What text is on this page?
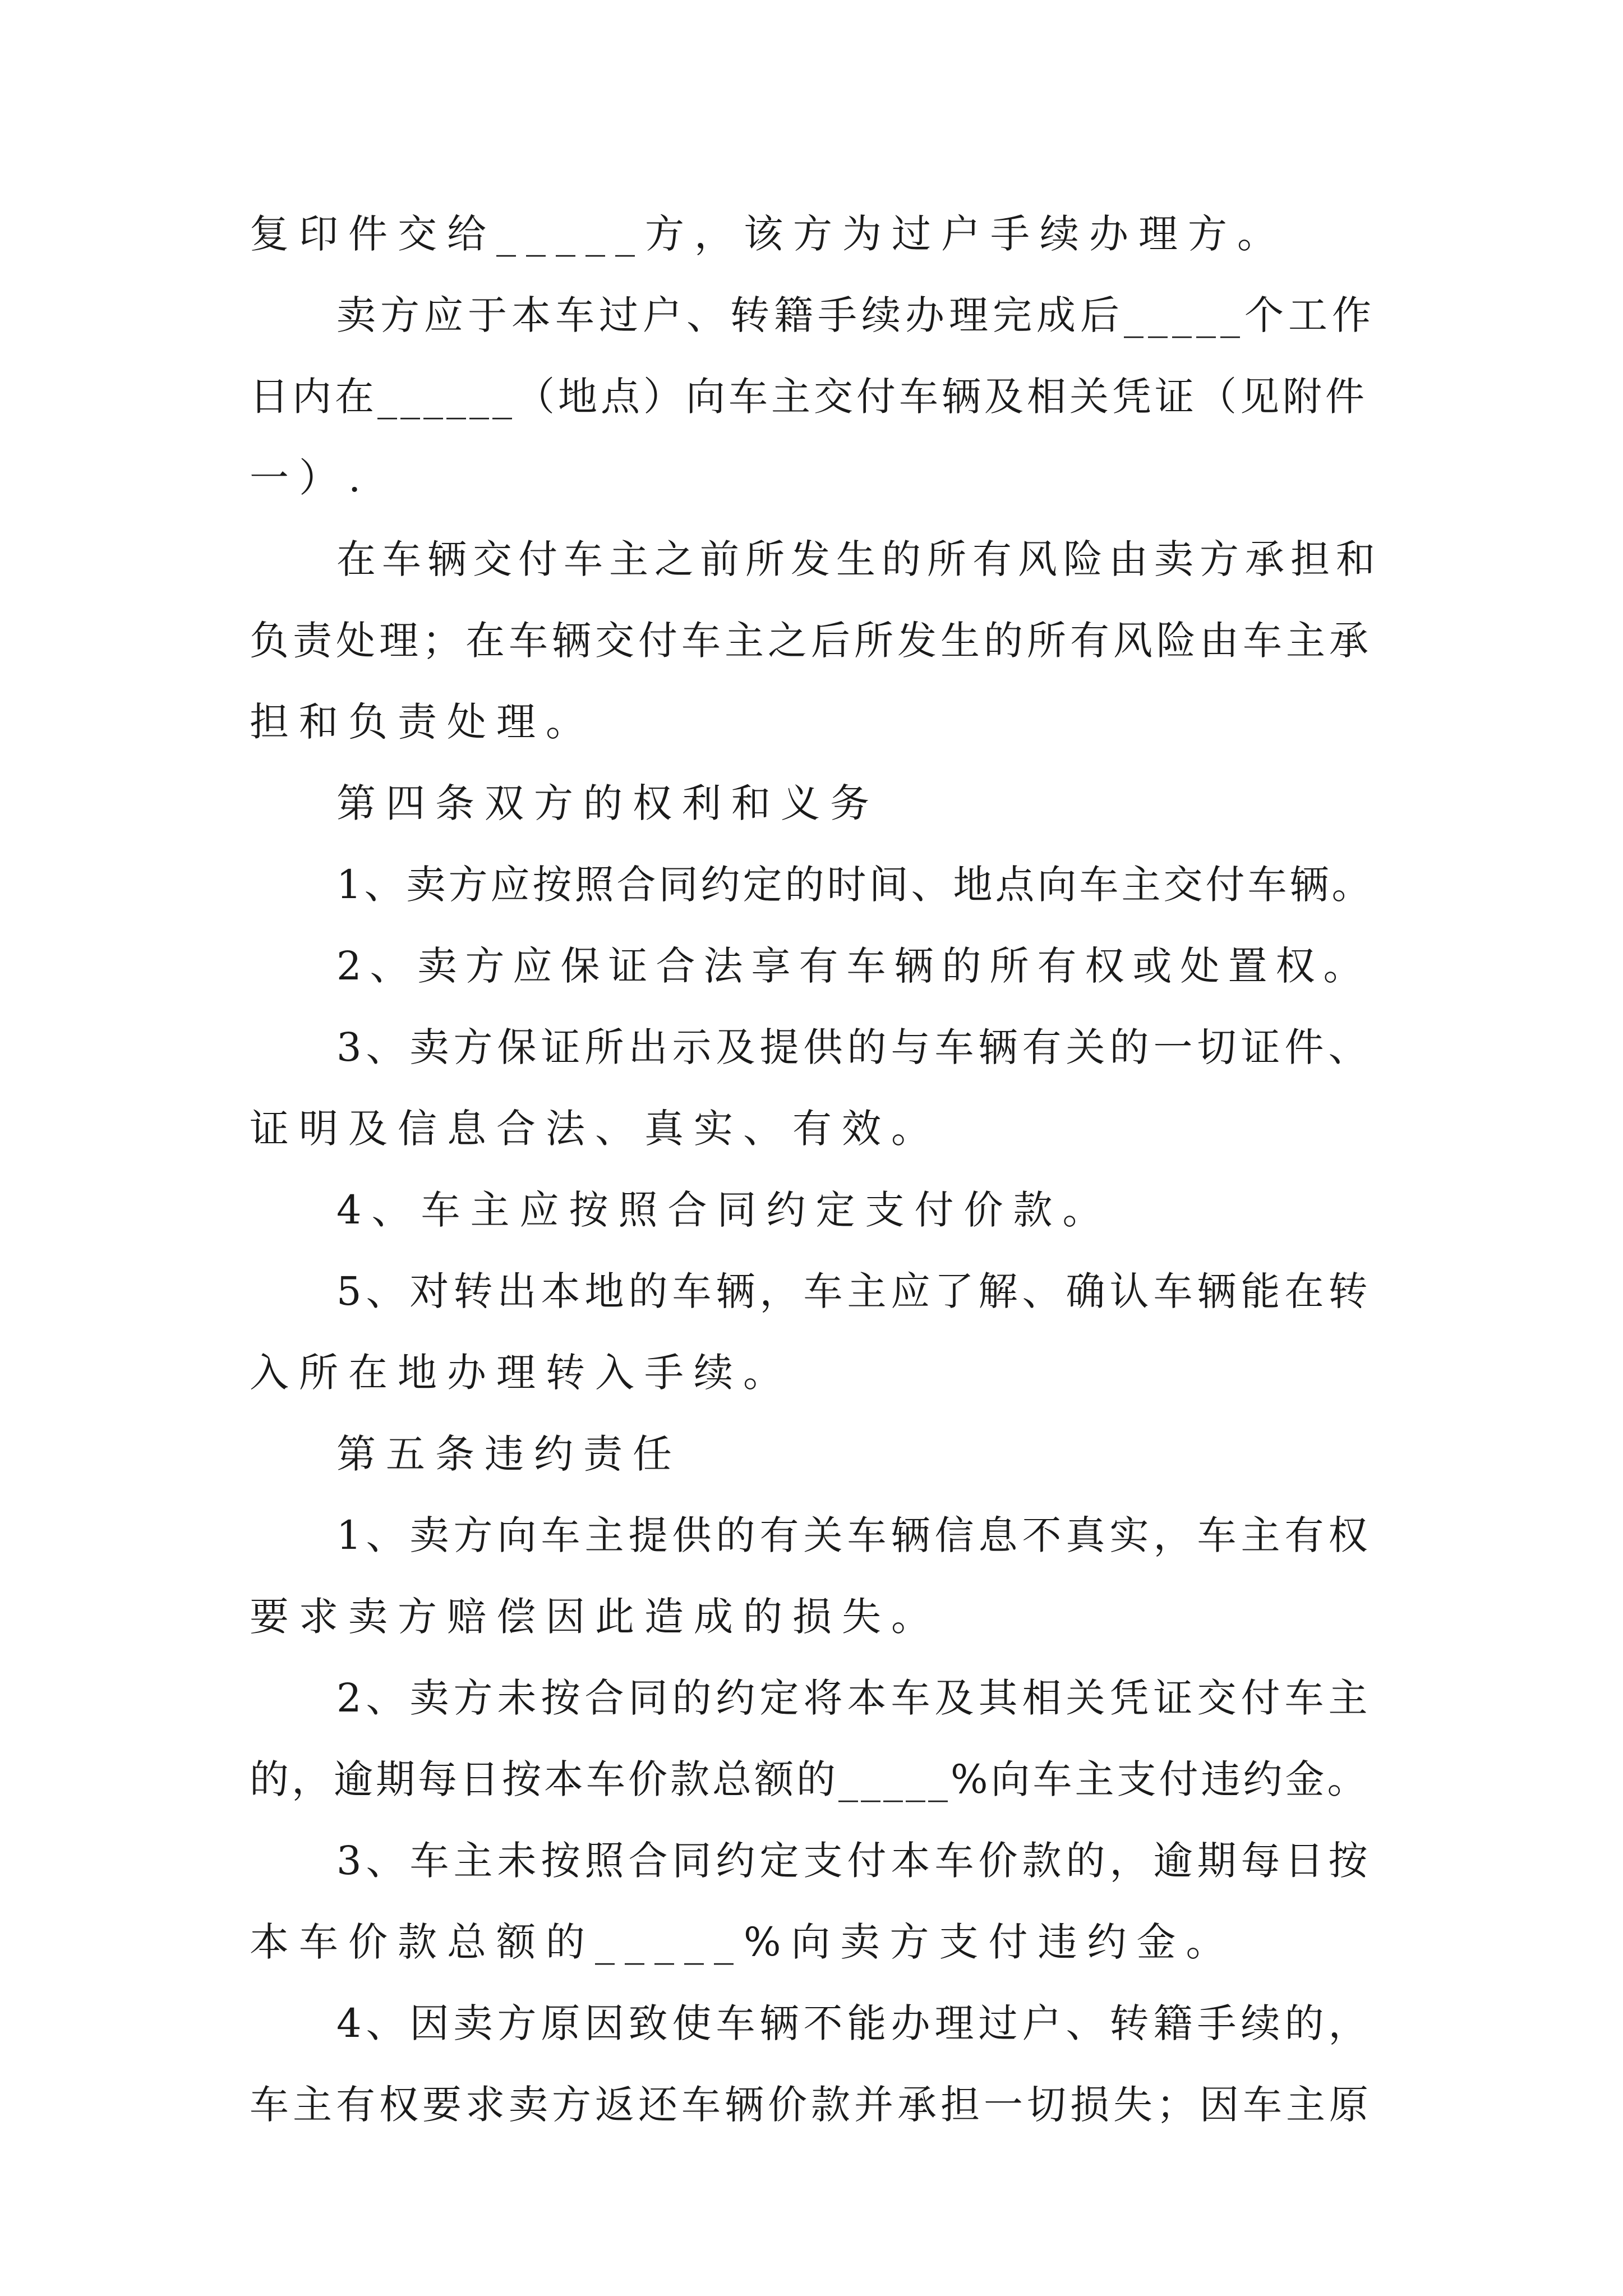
复印件交给_____方，该方为过户手续办理方。
卖方应于本车过户、转籍手续办理完成后_____个工作
日内在______（地点）向车主交付车辆及相关凭证（见附件
一）.
在车辆交付车主之前所发生的所有风险由卖方承担和
负责处理；在车辆交付车主之后所发生的所有风险由车主承
担和负责处理。
第四条双方的权利和义务
1、卖方应按照合同约定的时间、地点向车主交付车辆。
2、卖方应保证合法享有车辆的所有权或处置权。
3、卖方保证所出示及提供的与车辆有关的一切证件、
证明及信息合法、真实、有效。
4、车主应按照合同约定支付价款。
5、对转出本地的车辆，车主应了解、确认车辆能在转
入所在地办理转入手续。
第五条违约责任
1、卖方向车主提供的有关车辆信息不真实，车主有权
要求卖方赔偿因此造成的损失。
2、卖方未按合同的约定将本车及其相关凭证交付车主
的，逾期每日按本车价款总额的_____%向车主支付违约金。
3、车主未按照合同约定支付本车价款的，逾期每日按
本车价款总额的_____%向卖方支付违约金。
4、因卖方原因致使车辆不能办理过户、转籍手续的，
车主有权要求卖方返还车辆价款并承担一切损失；因车主原
